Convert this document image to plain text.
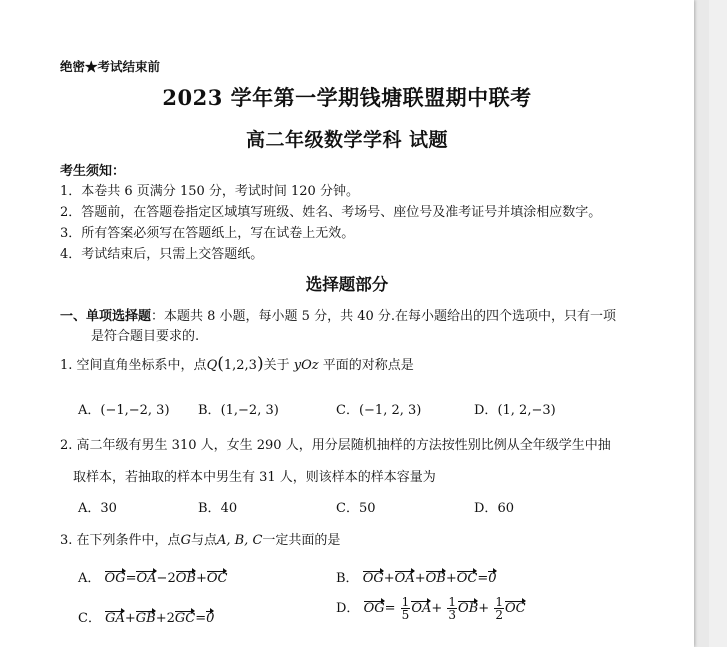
绝密★考试结束前
2023 学年第一学期钱塘联盟期中联考
高二年级数学学科 试题
考生须知：
1．本卷共 6 页满分 150 分，考试时间 120 分钟。
2．答题前，在答题卷指定区域填写班级、姓名、考场号、座位号及准考证号并填涂相应数字。
3．所有答案必须写在答题纸上，写在试卷上无效。
4．考试结束后，只需上交答题纸。
选择题部分
一、单项选择题：本题共 8 小题，每小题 5 分，共 40 分.在每小题给出的四个选项中，只有一项
是符合题目要求的.
1. 空间直角坐标系中，点Q(1,2,3)关于 yOz 平面的对称点是
A．(−1,−2, 3) B．(1,−2, 3)	C．(−1, 2, 3)	D．(1, 2,−3)
2. 高二年级有男生 310 人，女生 290 人，用分层随机抽样的方法按性别比例从全年级学生中抽
取样本，若抽取的样本中男生有 31 人，则该样本的样本容量为
A．30	B．40	C．50	D．60
3. 在下列条件中，点G与点A, B, C一定共面的是
A． OG=OA−2OB+OC	B． OG+OA+OB+OC=0
C． GA+GB+2GC=0
D． $OG= \frac{1}{5} OA+ \frac{1}{3} OB+ \frac{1}{2}$ OC
